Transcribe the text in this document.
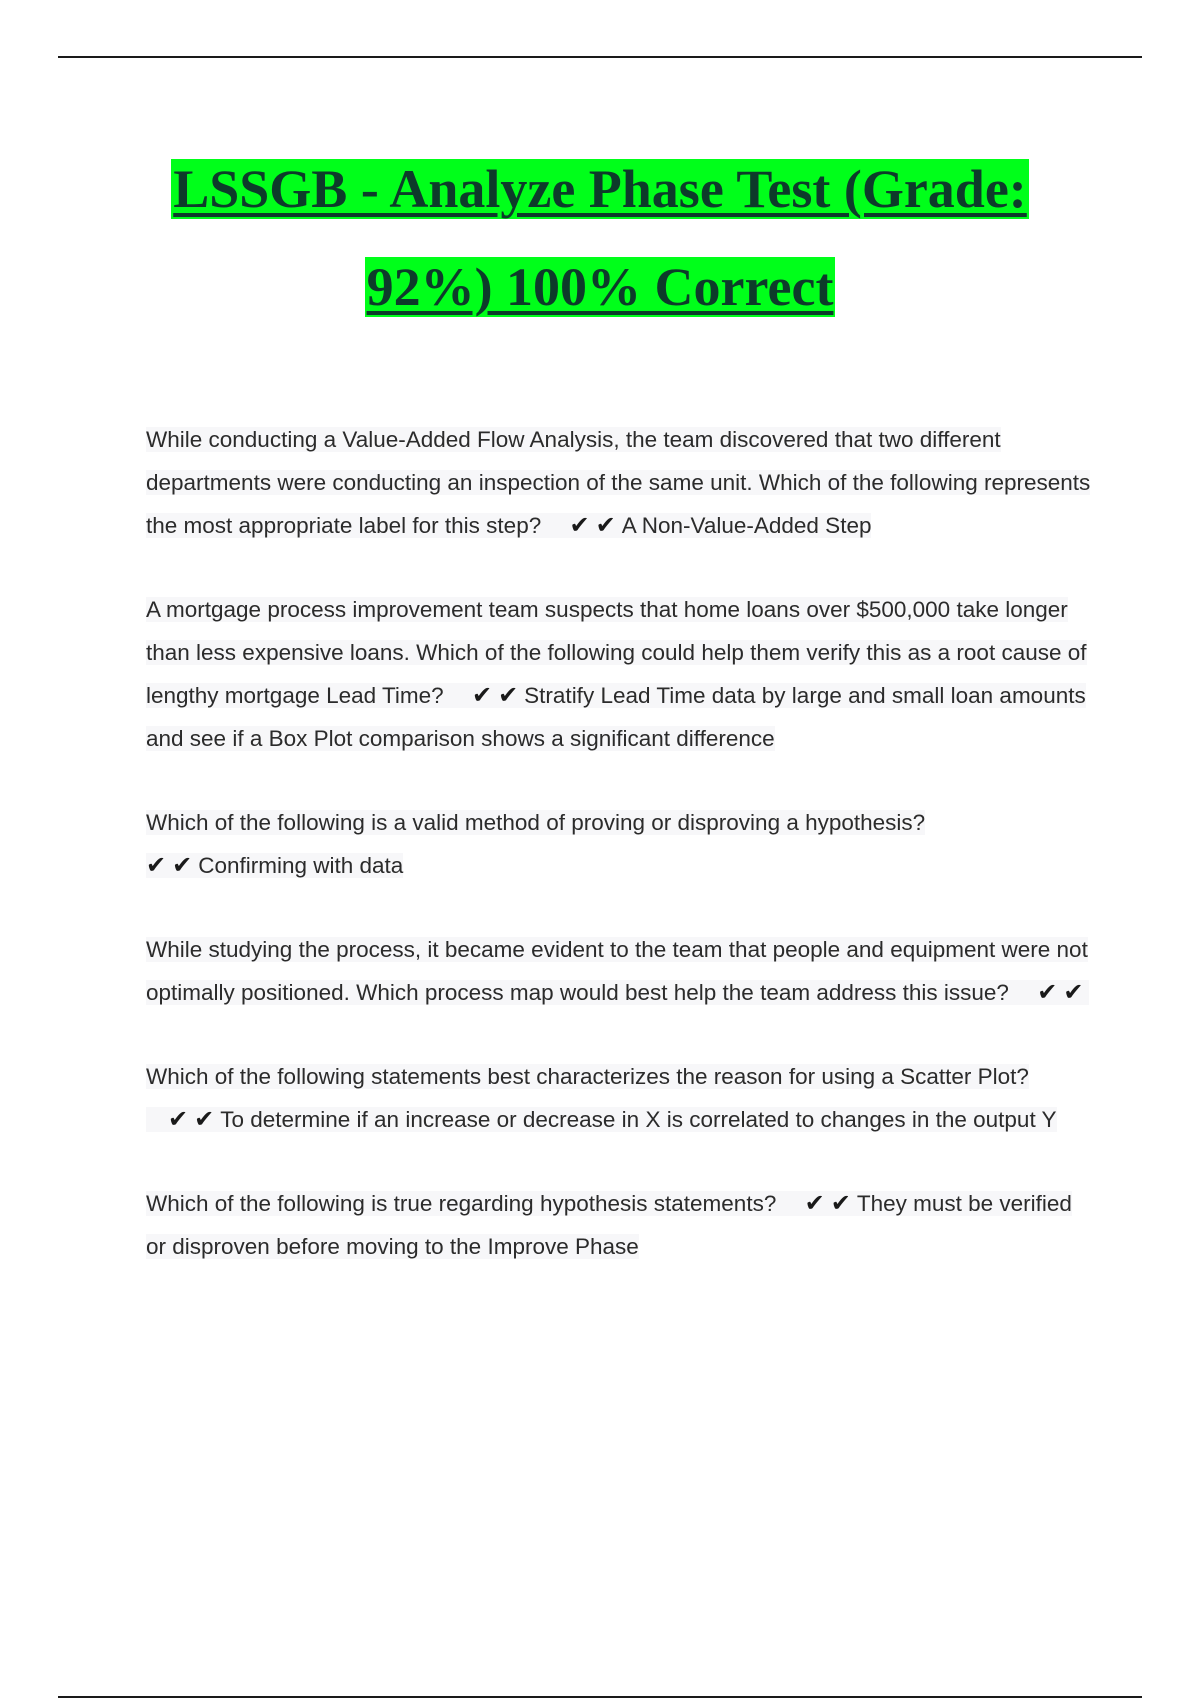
LSSGB - Analyze Phase Test (Grade:
92%) 100% Correct

While conducting a Value-Added Flow Analysis, the team discovered that two different departments were conducting an inspection of the same unit. Which of the following represents the most appropriate label for this step? ✔✔A Non-Value-Added Step

A mortgage process improvement team suspects that home loans over $500,000 take longer than less expensive loans. Which of the following could help them verify this as a root cause of lengthy mortgage Lead Time? ✔✔Stratify Lead Time data by large and small loan amounts and see if a Box Plot comparison shows a significant difference

Which of the following is a valid method of proving or disproving a hypothesis?
✔✔Confirming with data

While studying the process, it became evident to the team that people and equipment were not optimally positioned. Which process map would best help the team address this issue? ✔✔

Which of the following statements best characterizes the reason for using a Scatter Plot? ✔✔To determine if an increase or decrease in X is correlated to changes in the output Y

Which of the following is true regarding hypothesis statements? ✔✔They must be verified or disproven before moving to the Improve Phase
